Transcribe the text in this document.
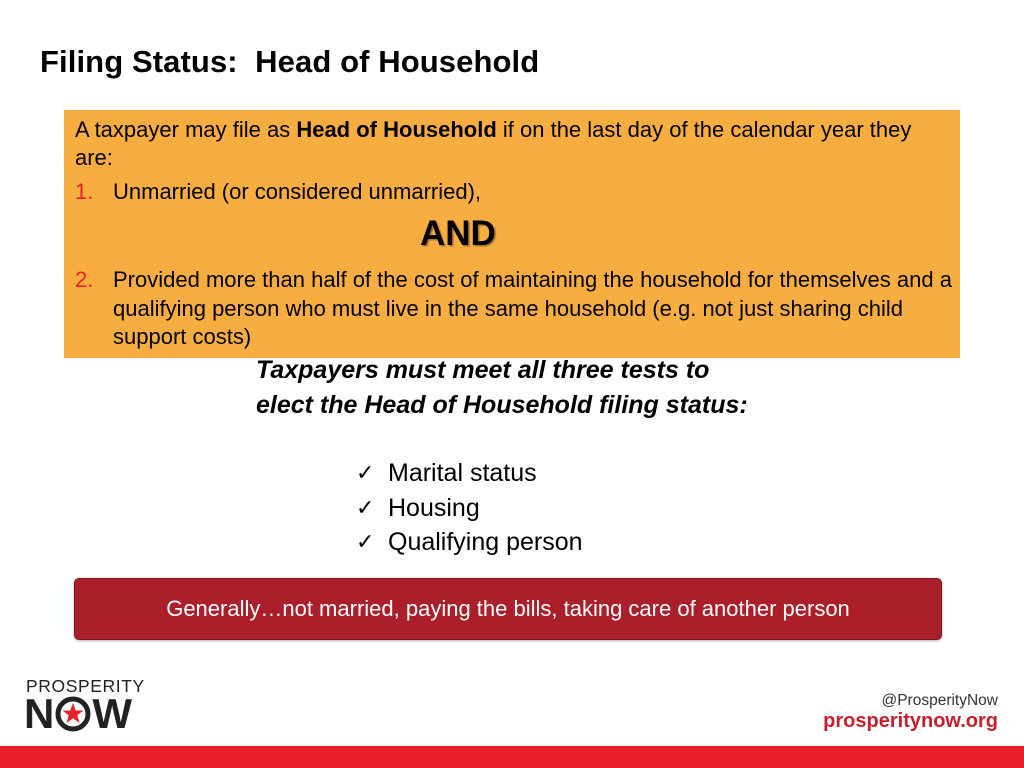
Filing Status:  Head of Household
A taxpayer may file as Head of Household if on the last day of the calendar year they are:
1. Unmarried (or considered unmarried),
AND
2. Provided more than half of the cost of maintaining the household for themselves and a qualifying person who must live in the same household (e.g. not just sharing child support costs)
Taxpayers must meet all three tests to elect the Head of Household filing status:
✓ Marital status
✓ Housing
✓ Qualifying person
Generally…not married, paying the bills, taking care of another person
PROSPERITY
N W	@ProsperityNow
prosperitynow.org
